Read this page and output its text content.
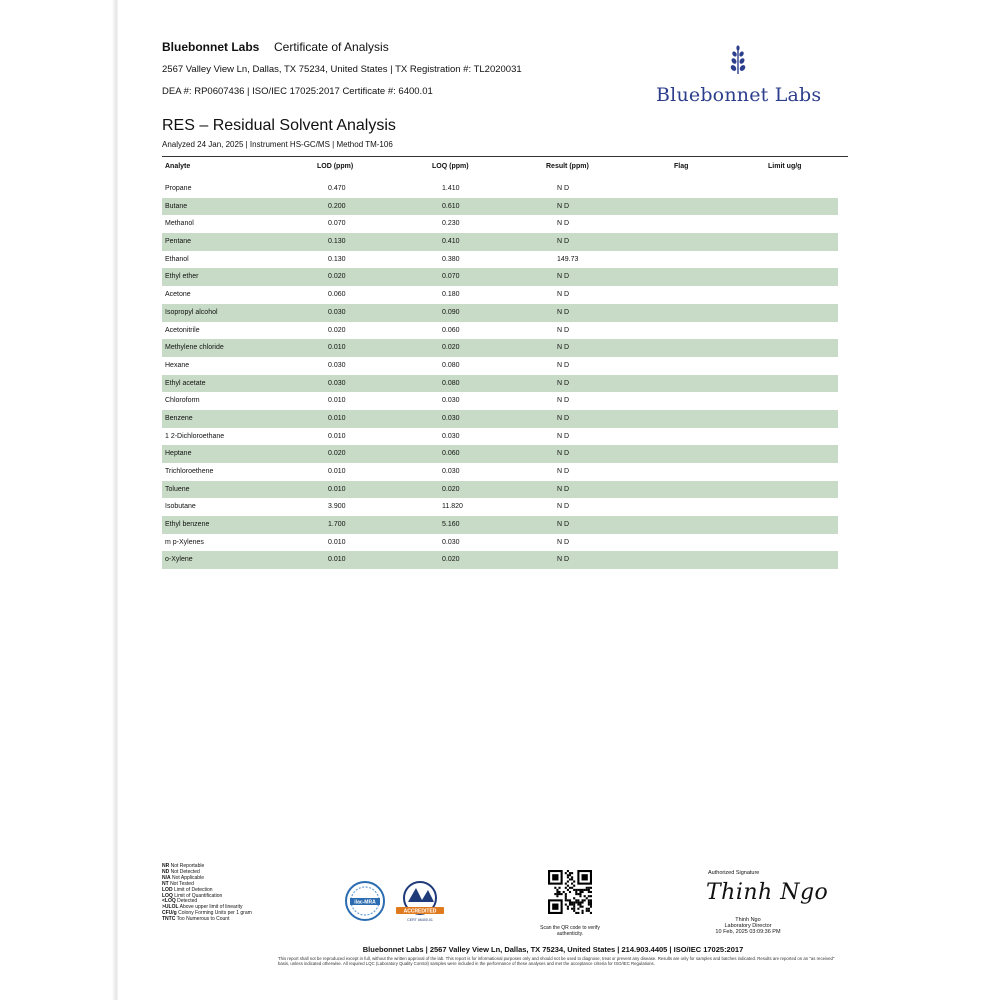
Bluebonnet Labs Certificate of Analysis
2567 Valley View Ln, Dallas, TX 75234, United States | TX Registration #: TL2020031
DEA #: RP0607436 | ISO/IEC 17025:2017 Certificate #: 6400.01	Bluebonnet Labs
RES – Residual Solvent Analysis
Analyzed 24 Jan, 2025 | Instrument HS-GC/MS | Method TM-106
Analyte	LOD (ppm)	LOQ (ppm)	Result (ppm)	Flag	Limit ug/g
Propane	0.470	1.410	N D
Butane	0.200	0.610	N D
Methanol	0.070	0.230	N D
Pentane	0.130	0.410	N D
Ethanol	0.130	0.380	149.73
Ethyl ether	0.020	0.070	N D
Acetone	0.060	0.180	N D
Isopropyl alcohol	0.030	0.090	N D
Acetonitrile	0.020	0.060	N D
Methylene chloride	0.010	0.020	N D
Hexane	0.030	0.080	N D
Ethyl acetate	0.030	0.080	N D
Chloroform	0.010	0.030	N D
Benzene	0.010	0.030	N D
1 2-Dichloroethane	0.010	0.030	N D
Heptane	0.020	0.060	N D
Trichloroethene	0.010	0.030	N D
Toluene	0.010	0.020	N D
Isobutane	3.900	11.820	N D
Ethyl benzene	1.700	5.160	N D
m p-Xylenes	0.010	0.030	N D
o-Xylene	0.010	0.020	N D
NR Not Reportable
ND Not Detected
N/A Not Applicable
NT Not Tested
LOD Limit of Detection
LOQ Limit of Quantification
<LOQ Detected
>ULOL Above upper limit of linearity
CFU/g Colony Forming Units per 1 gram
TNTC Too Numerous to Count
ilac-MRA
ACCREDITED
CERT #6400.01
Scan the QR code to verify authenticity.
Authorized Signature
Thinh Ngo
Thinh Ngo
Laboratory Director
10 Feb, 2025 03:09:36 PM
Bluebonnet Labs | 2567 Valley View Ln, Dallas, TX 75234, United States | 214.903.4405 | ISO/IEC 17025:2017
This report shall not be reproduced except in full, without the written approval of the lab. This report is for informational purposes only and should not be used to diagnose, treat or prevent any disease. Results are only for samples and batches indicated. Results are reported on an "as received" basis, unless indicated otherwise. All required LQC (Laboratory Quality Control) samples were included in the performance of these analyses and met the acceptance criteria for ISO/IEC Regulations.
